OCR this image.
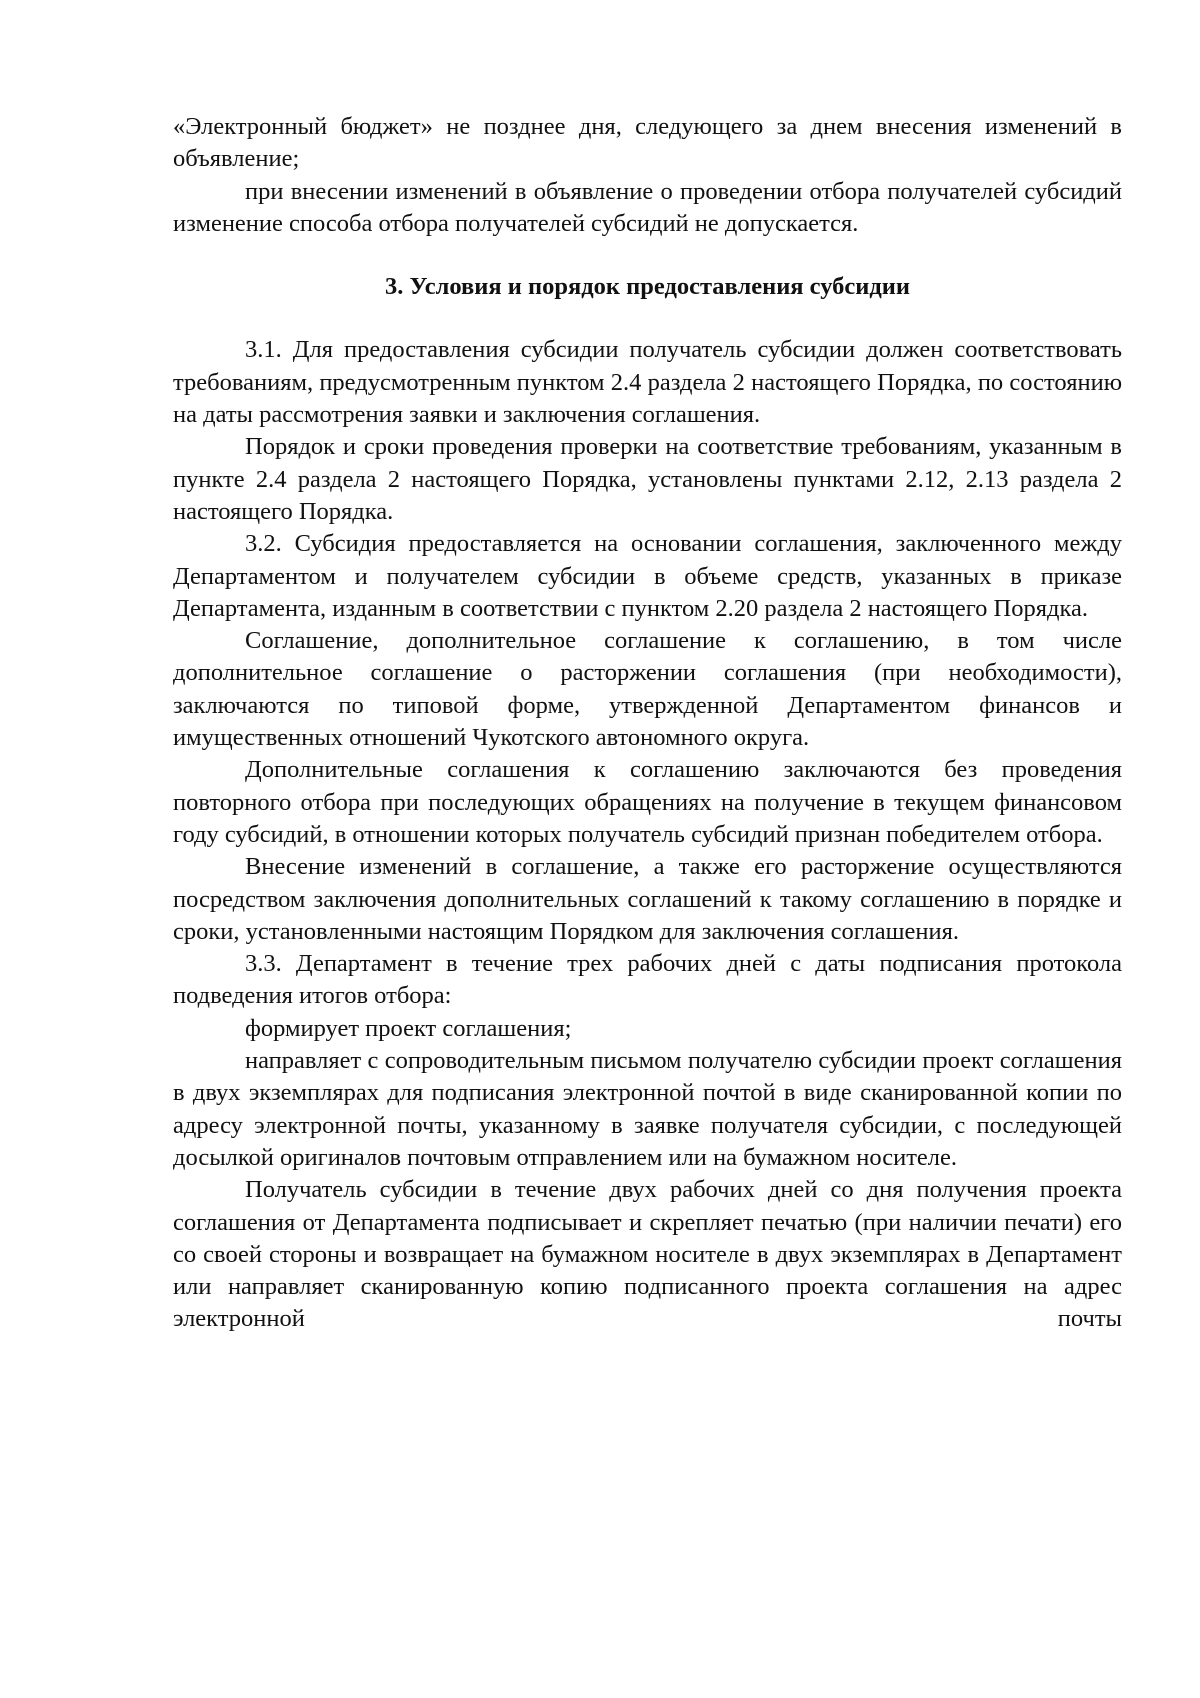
«Электронный бюджет» не позднее дня, следующего за днем внесения изменений в объявление;

при внесении изменений в объявление о проведении отбора получателей субсидий изменение способа отбора получателей субсидий не допускается.

3. Условия и порядок предоставления субсидии

3.1. Для предоставления субсидии получатель субсидии должен соответствовать требованиям, предусмотренным пунктом 2.4 раздела 2 настоящего Порядка, по состоянию на даты рассмотрения заявки и заключения соглашения.

Порядок и сроки проведения проверки на соответствие требованиям, указанным в пункте 2.4 раздела 2 настоящего Порядка, установлены пунктами 2.12, 2.13 раздела 2 настоящего Порядка.

3.2. Субсидия предоставляется на основании соглашения, заключенного между Департаментом и получателем субсидии в объеме средств, указанных в приказе Департамента, изданным в соответствии с пунктом 2.20 раздела 2 настоящего Порядка.

Соглашение, дополнительное соглашение к соглашению, в том числе дополнительное соглашение о расторжении соглашения (при необходимости), заключаются по типовой форме, утвержденной Департаментом финансов и имущественных отношений Чукотского автономного округа.

Дополнительные соглашения к соглашению заключаются без проведения повторного отбора при последующих обращениях на получение в текущем финансовом году субсидий, в отношении которых получатель субсидий признан победителем отбора.

Внесение изменений в соглашение, а также его расторжение осуществляются посредством заключения дополнительных соглашений к такому соглашению в порядке и сроки, установленными настоящим Порядком для заключения соглашения.

3.3. Департамент в течение трех рабочих дней с даты подписания протокола подведения итогов отбора:

формирует проект соглашения;

направляет с сопроводительным письмом получателю субсидии проект соглашения в двух экземплярах для подписания электронной почтой в виде сканированной копии по адресу электронной почты, указанному в заявке получателя субсидии, с последующей досылкой оригиналов почтовым отправлением или на бумажном носителе.

Получатель субсидии в течение двух рабочих дней со дня получения проекта соглашения от Департамента подписывает и скрепляет печатью (при наличии печати) его со своей стороны и возвращает на бумажном носителе в двух экземплярах в Департамент или направляет сканированную копию подписанного проекта соглашения на адрес электронной почты
